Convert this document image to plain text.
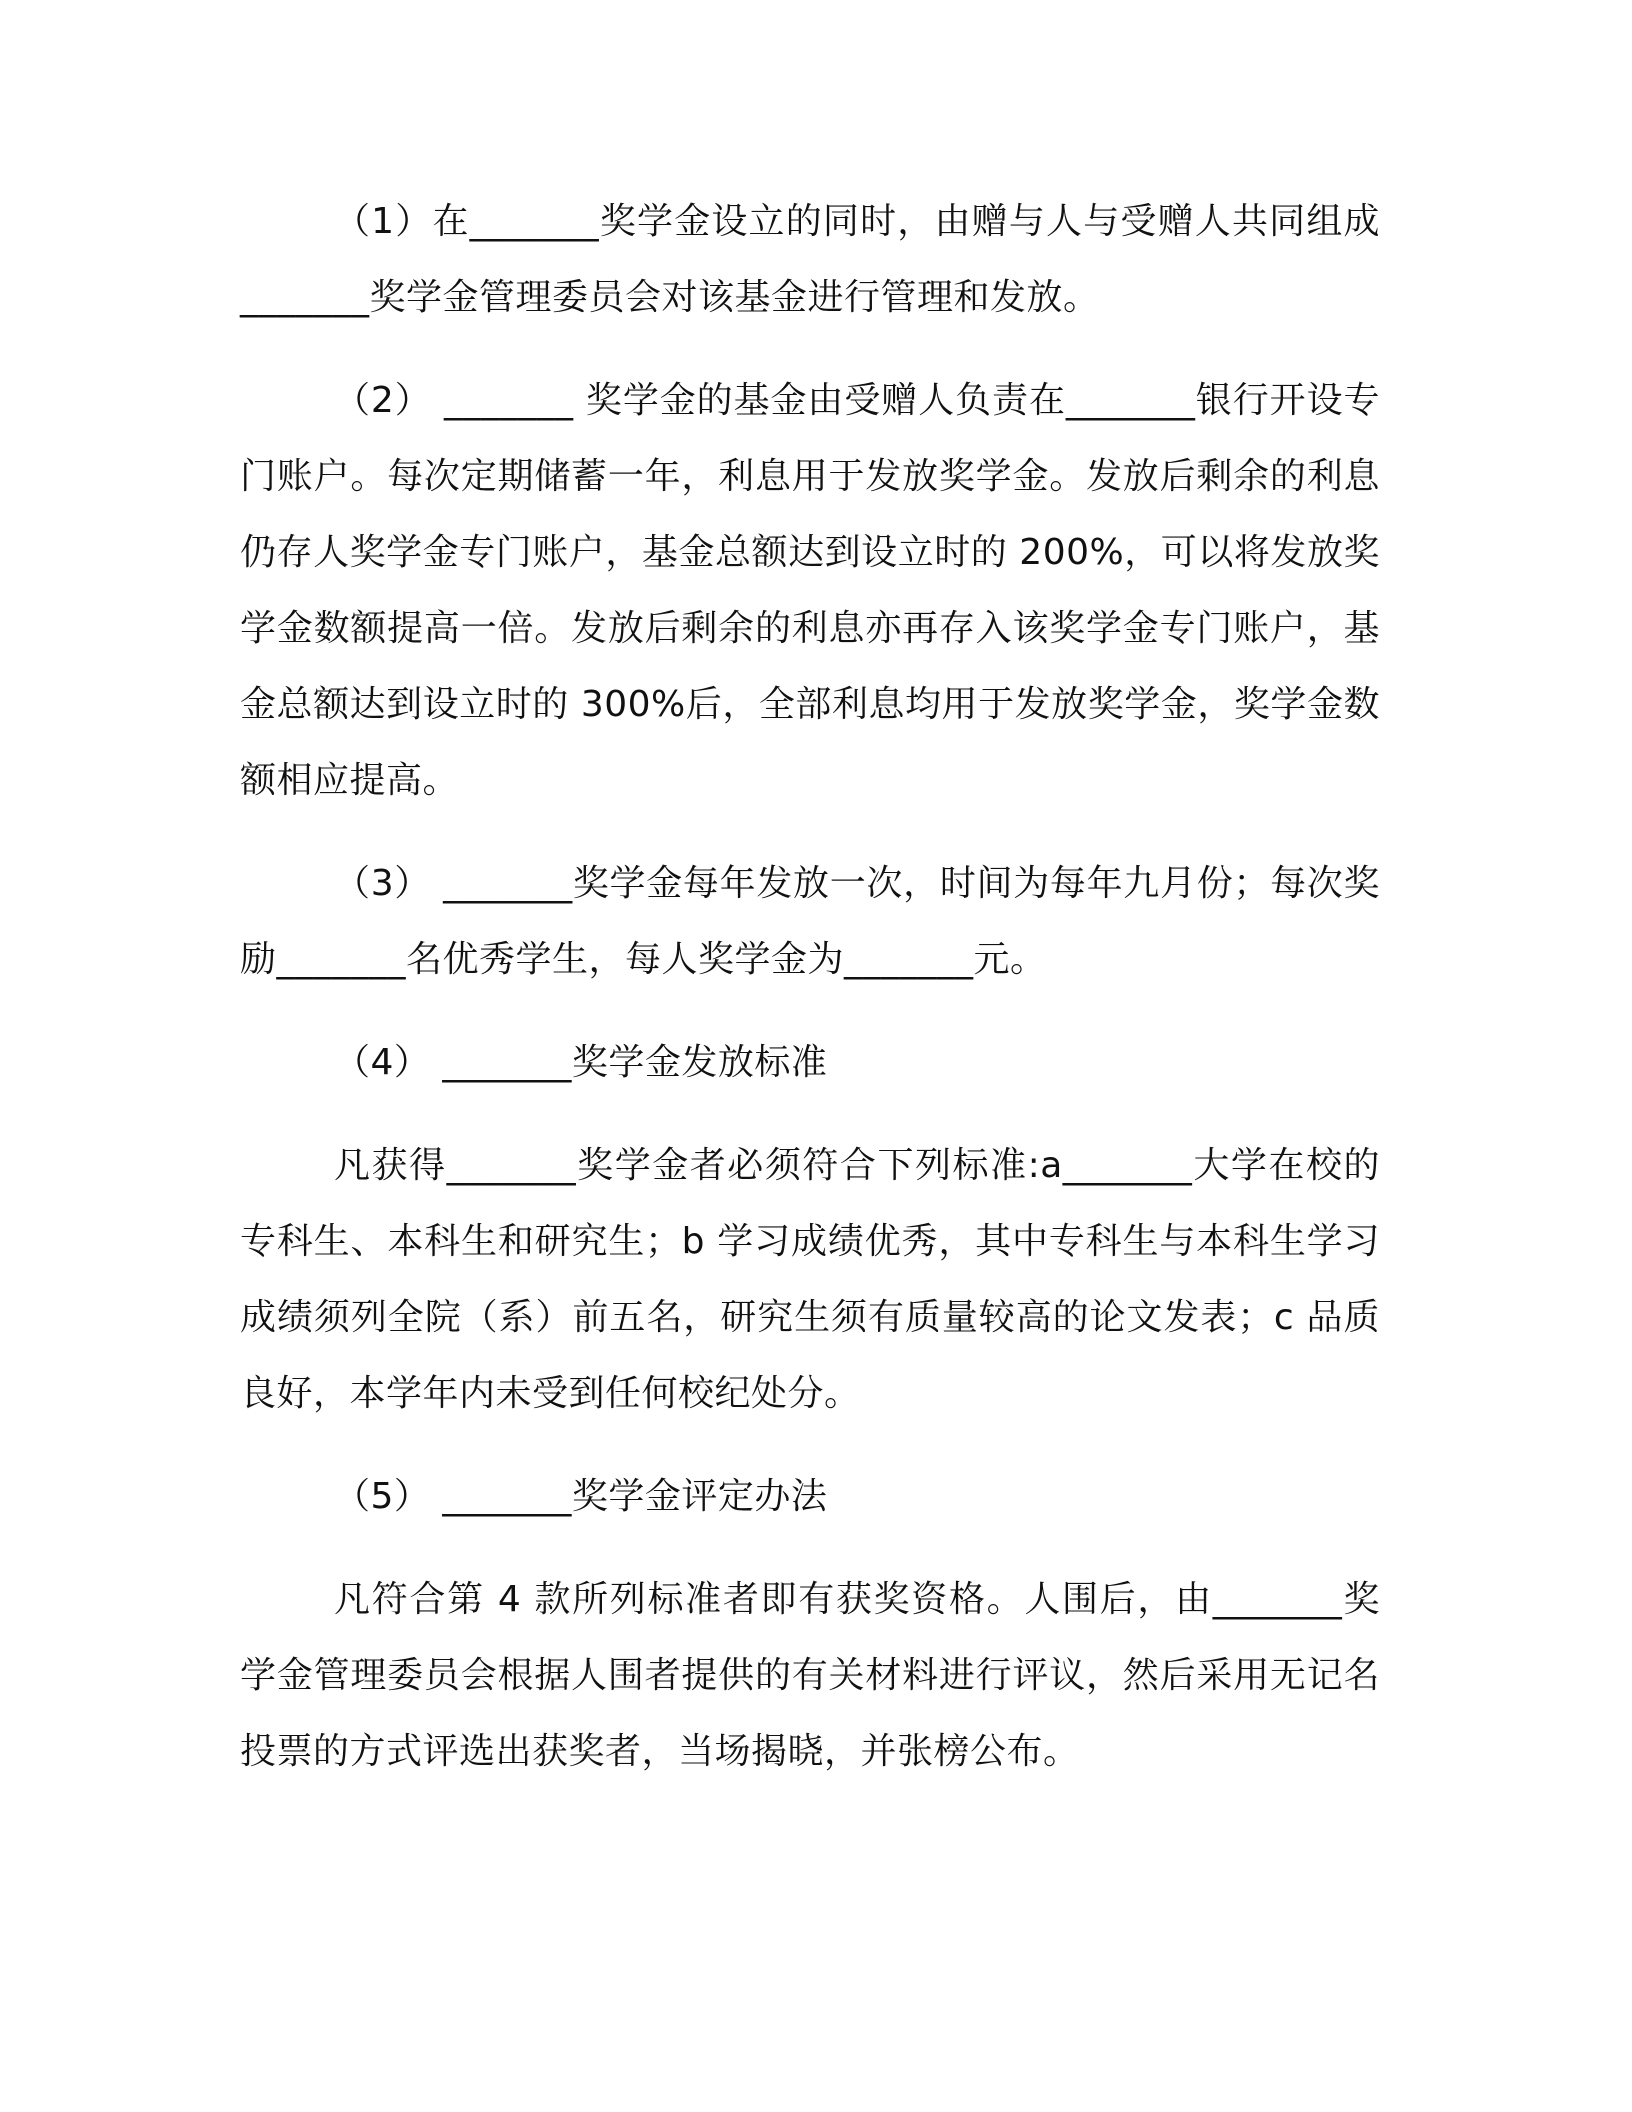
（1）在_______奖学金设立的同时，由赠与人与受赠人共同组成_______奖学金管理委员会对该基金进行管理和发放。

（2） _______ 奖学金的基金由受赠人负责在_______银行开设专门账户。每次定期储蓄一年，利息用于发放奖学金。发放后剩余的利息仍存人奖学金专门账户，基金总额达到设立时的 200%，可以将发放奖学金数额提高一倍。发放后剩余的利息亦再存入该奖学金专门账户，基金总额达到设立时的 300%后，全部利息均用于发放奖学金，奖学金数额相应提高。

（3） _______奖学金每年发放一次，时间为每年九月份；每次奖励_______名优秀学生，每人奖学金为_______元。

（4） _______奖学金发放标准

凡获得_______奖学金者必须符合下列标准:a_______大学在校的专科生、本科生和研究生；b 学习成绩优秀，其中专科生与本科生学习成绩须列全院（系）前五名，研究生须有质量较高的论文发表；c 品质良好，本学年内未受到任何校纪处分。

（5） _______奖学金评定办法

凡符合第 4 款所列标准者即有获奖资格。人围后，由_______奖学金管理委员会根据人围者提供的有关材料进行评议，然后采用无记名投票的方式评选出获奖者，当场揭晓，并张榜公布。
